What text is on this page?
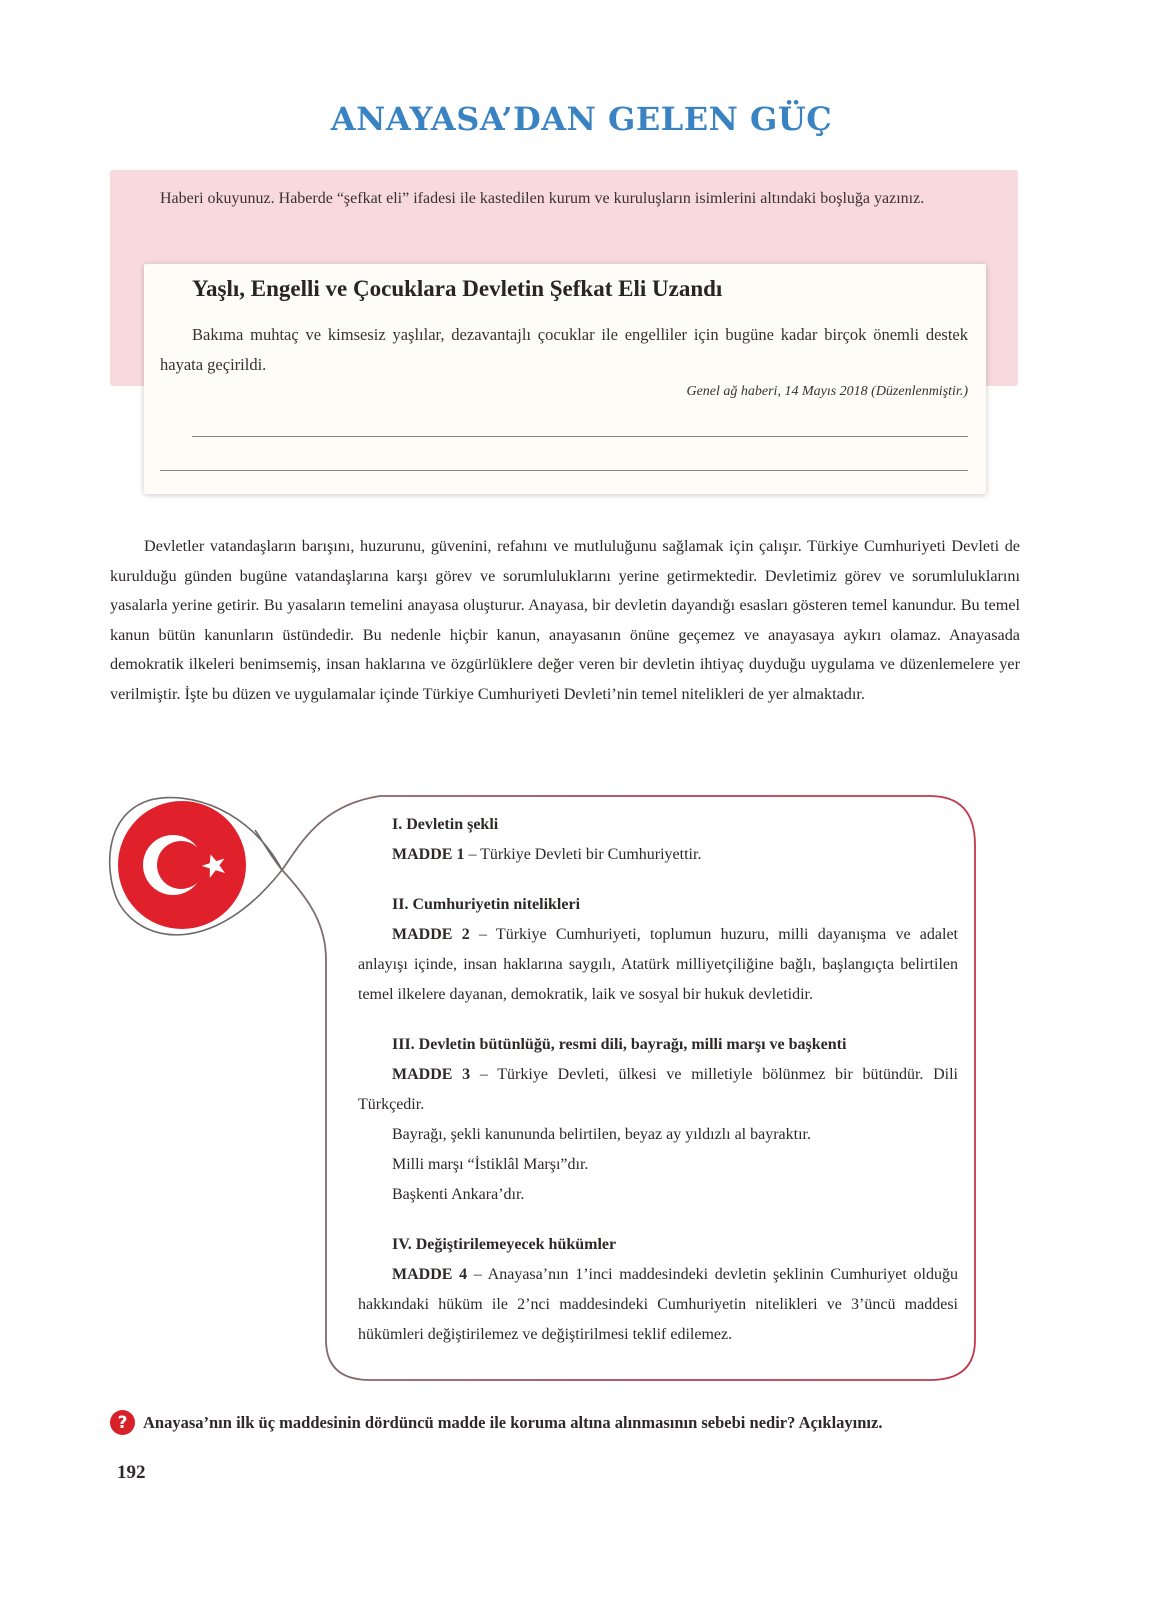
ANAYASA’DAN GELEN GÜÇ
Haberi okuyunuz. Haberde “şefkat eli” ifadesi ile kastedilen kurum ve kuruluşların isimlerini altındaki boşluğa yazınız.
Yaşlı, Engelli ve Çocuklara Devletin Şefkat Eli Uzandı
Bakıma muhtaç ve kimsesiz yaşlılar, dezavantajlı çocuklar ile engelliler için bugüne kadar birçok önemli destek hayata geçirildi.
Genel ağ haberi, 14 Mayıs 2018 (Düzenlenmiştir.)
Devletler vatandaşların barışını, huzurunu, güvenini, refahını ve mutluluğunu sağlamak için çalışır. Türkiye Cumhuriyeti Devleti de kurulduğu günden bugüne vatandaşlarına karşı görev ve sorumluluklarını yerine getirmektedir. Devletimiz görev ve sorumluluklarını yasalarla yerine getirir. Bu yasaların temelini anayasa oluşturur. Anayasa, bir devletin dayandığı esasları gösteren temel kanundur. Bu temel kanun bütün kanunların üstündedir. Bu nedenle hiçbir kanun, anayasanın önüne geçemez ve anayasaya aykırı olamaz. Anayasada demokratik ilkeleri benimsemiş, insan haklarına ve özgürlüklere değer veren bir devletin ihtiyaç duyduğu uygulama ve düzenlemelere yer verilmiştir. İşte bu düzen ve uygulamalar içinde Türkiye Cumhuriyeti Devleti’nin temel nitelikleri de yer almaktadır.

I. Devletin şekli

MADDE 1 – Türkiye Devleti bir Cumhuriyettir.

II. Cumhuriyetin nitelikleri

MADDE 2 – Türkiye Cumhuriyeti, toplumun huzuru, milli dayanışma ve adalet anlayışı içinde, insan haklarına saygılı, Atatürk milliyetçiliğine bağlı, başlangıçta belirtilen temel ilkelere dayanan, demokratik, laik ve sosyal bir hukuk devletidir.

III. Devletin bütünlüğü, resmi dili, bayrağı, milli marşı ve başkenti

MADDE 3 – Türkiye Devleti, ülkesi ve milletiyle bölünmez bir bütündür. Dili Türkçedir.

Bayrağı, şekli kanununda belirtilen, beyaz ay yıldızlı al bayraktır.

Milli marşı “İstiklâl Marşı”dır.

Başkenti Ankara’dır.

IV. Değiştirilemeyecek hükümler

MADDE 4 – Anayasa’nın 1’inci maddesindeki devletin şeklinin Cumhuriyet olduğu hakkındaki hüküm ile 2’nci maddesindeki Cumhuriyetin nitelikleri ve 3’üncü maddesi hükümleri değiştirilemez ve değiştirilmesi teklif edilemez.

? Anayasa’nın ilk üç maddesinin dördüncü madde ile koruma altına alınmasının sebebi nedir? Açıklayınız.
192
